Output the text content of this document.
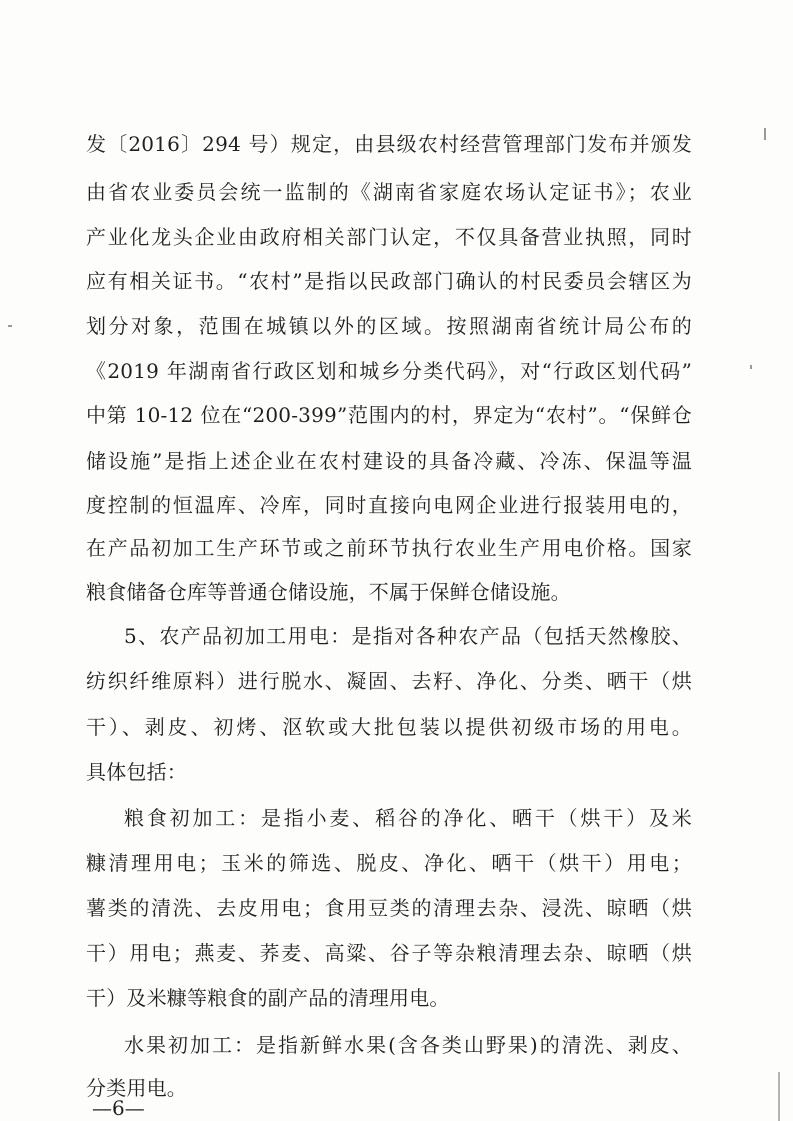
发〔2016〕294 号）规定，由县级农村经营管理部门发布并颁发
由省农业委员会统一监制的《湖南省家庭农场认定证书》；农业
产业化龙头企业由政府相关部门认定，不仅具备营业执照，同时
应有相关证书。“农村”是指以民政部门确认的村民委员会辖区为
划分对象，范围在城镇以外的区域。按照湖南省统计局公布的
《2019 年湖南省行政区划和城乡分类代码》，对“行政区划代码”
中第 10-12 位在“200-399”范围内的村，界定为“农村”。“保鲜仓
储设施”是指上述企业在农村建设的具备冷藏、冷冻、保温等温
度控制的恒温库、冷库，同时直接向电网企业进行报装用电的，
在产品初加工生产环节或之前环节执行农业生产用电价格。国家
粮食储备仓库等普通仓储设施，不属于保鲜仓储设施。
5、农产品初加工用电：是指对各种农产品（包括天然橡胶、
纺织纤维原料）进行脱水、凝固、去籽、净化、分类、晒干（烘
干）、剥皮、初烤、沤软或大批包装以提供初级市场的用电。
具体包括：
粮食初加工：是指小麦、稻谷的净化、晒干（烘干）及米
糠清理用电；玉米的筛选、脱皮、净化、晒干（烘干）用电；
薯类的清洗、去皮用电；食用豆类的清理去杂、浸洗、晾晒（烘
干）用电；燕麦、荞麦、高粱、谷子等杂粮清理去杂、晾晒（烘
干）及米糠等粮食的副产品的清理用电。
水果初加工：是指新鲜水果(含各类山野果)的清洗、剥皮、
分类用电。
—6—
